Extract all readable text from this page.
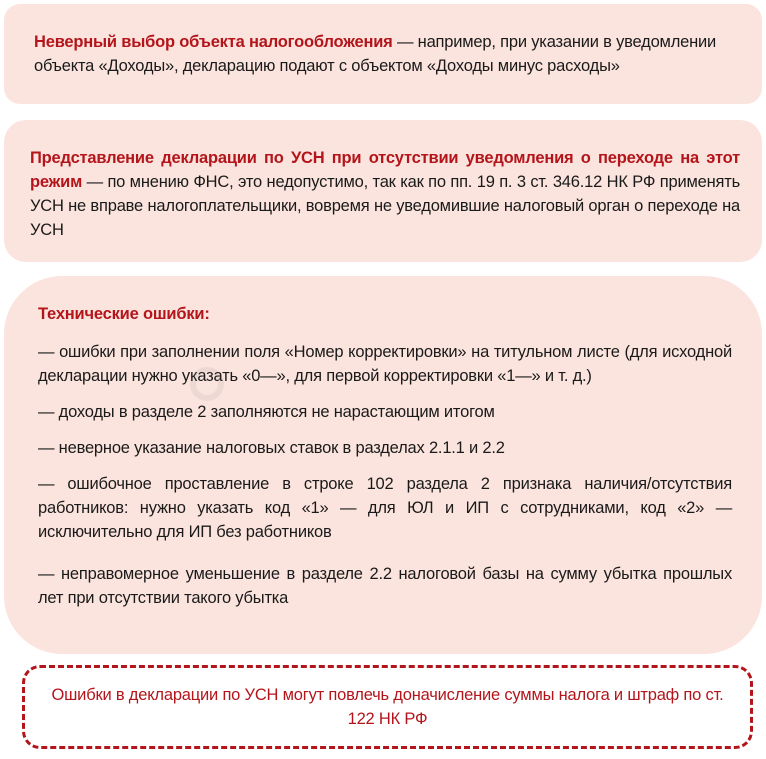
Неверный выбор объекта налогообложения — например, при указании в уведомлении объекта «Доходы», декларацию подают с объектом «Доходы минус расходы»

Представление декларации по УСН при отсутствии уведомления о переходе на этот режим — по мнению ФНС, это недопустимо, так как по пп. 19 п. 3 ст. 346.12 НК РФ применять УСН не вправе налогоплательщики, вовремя не уведомившие налоговый орган о переходе на УСН

Технические ошибки:

— ошибки при заполнении поля «Номер корректировки» на титульном листе (для исходной декларации нужно указать «0—», для первой корректировки «1—» и т. д.)

— доходы в разделе 2 заполняются не нарастающим итогом

— неверное указание налоговых ставок в разделах 2.1.1 и 2.2

— ошибочное проставление в строке 102 раздела 2 признака наличия/отсутствия работников: нужно указать код «1» — для ЮЛ и ИП с сотрудниками, код «2» — исключительно для ИП без работников

— неправомерное уменьшение в разделе 2.2 налоговой базы на сумму убытка прошлых лет при отсутствии такого убытка

Ошибки в декларации по УСН могут повлечь доначисление суммы налога и штраф по ст. 122 НК РФ
